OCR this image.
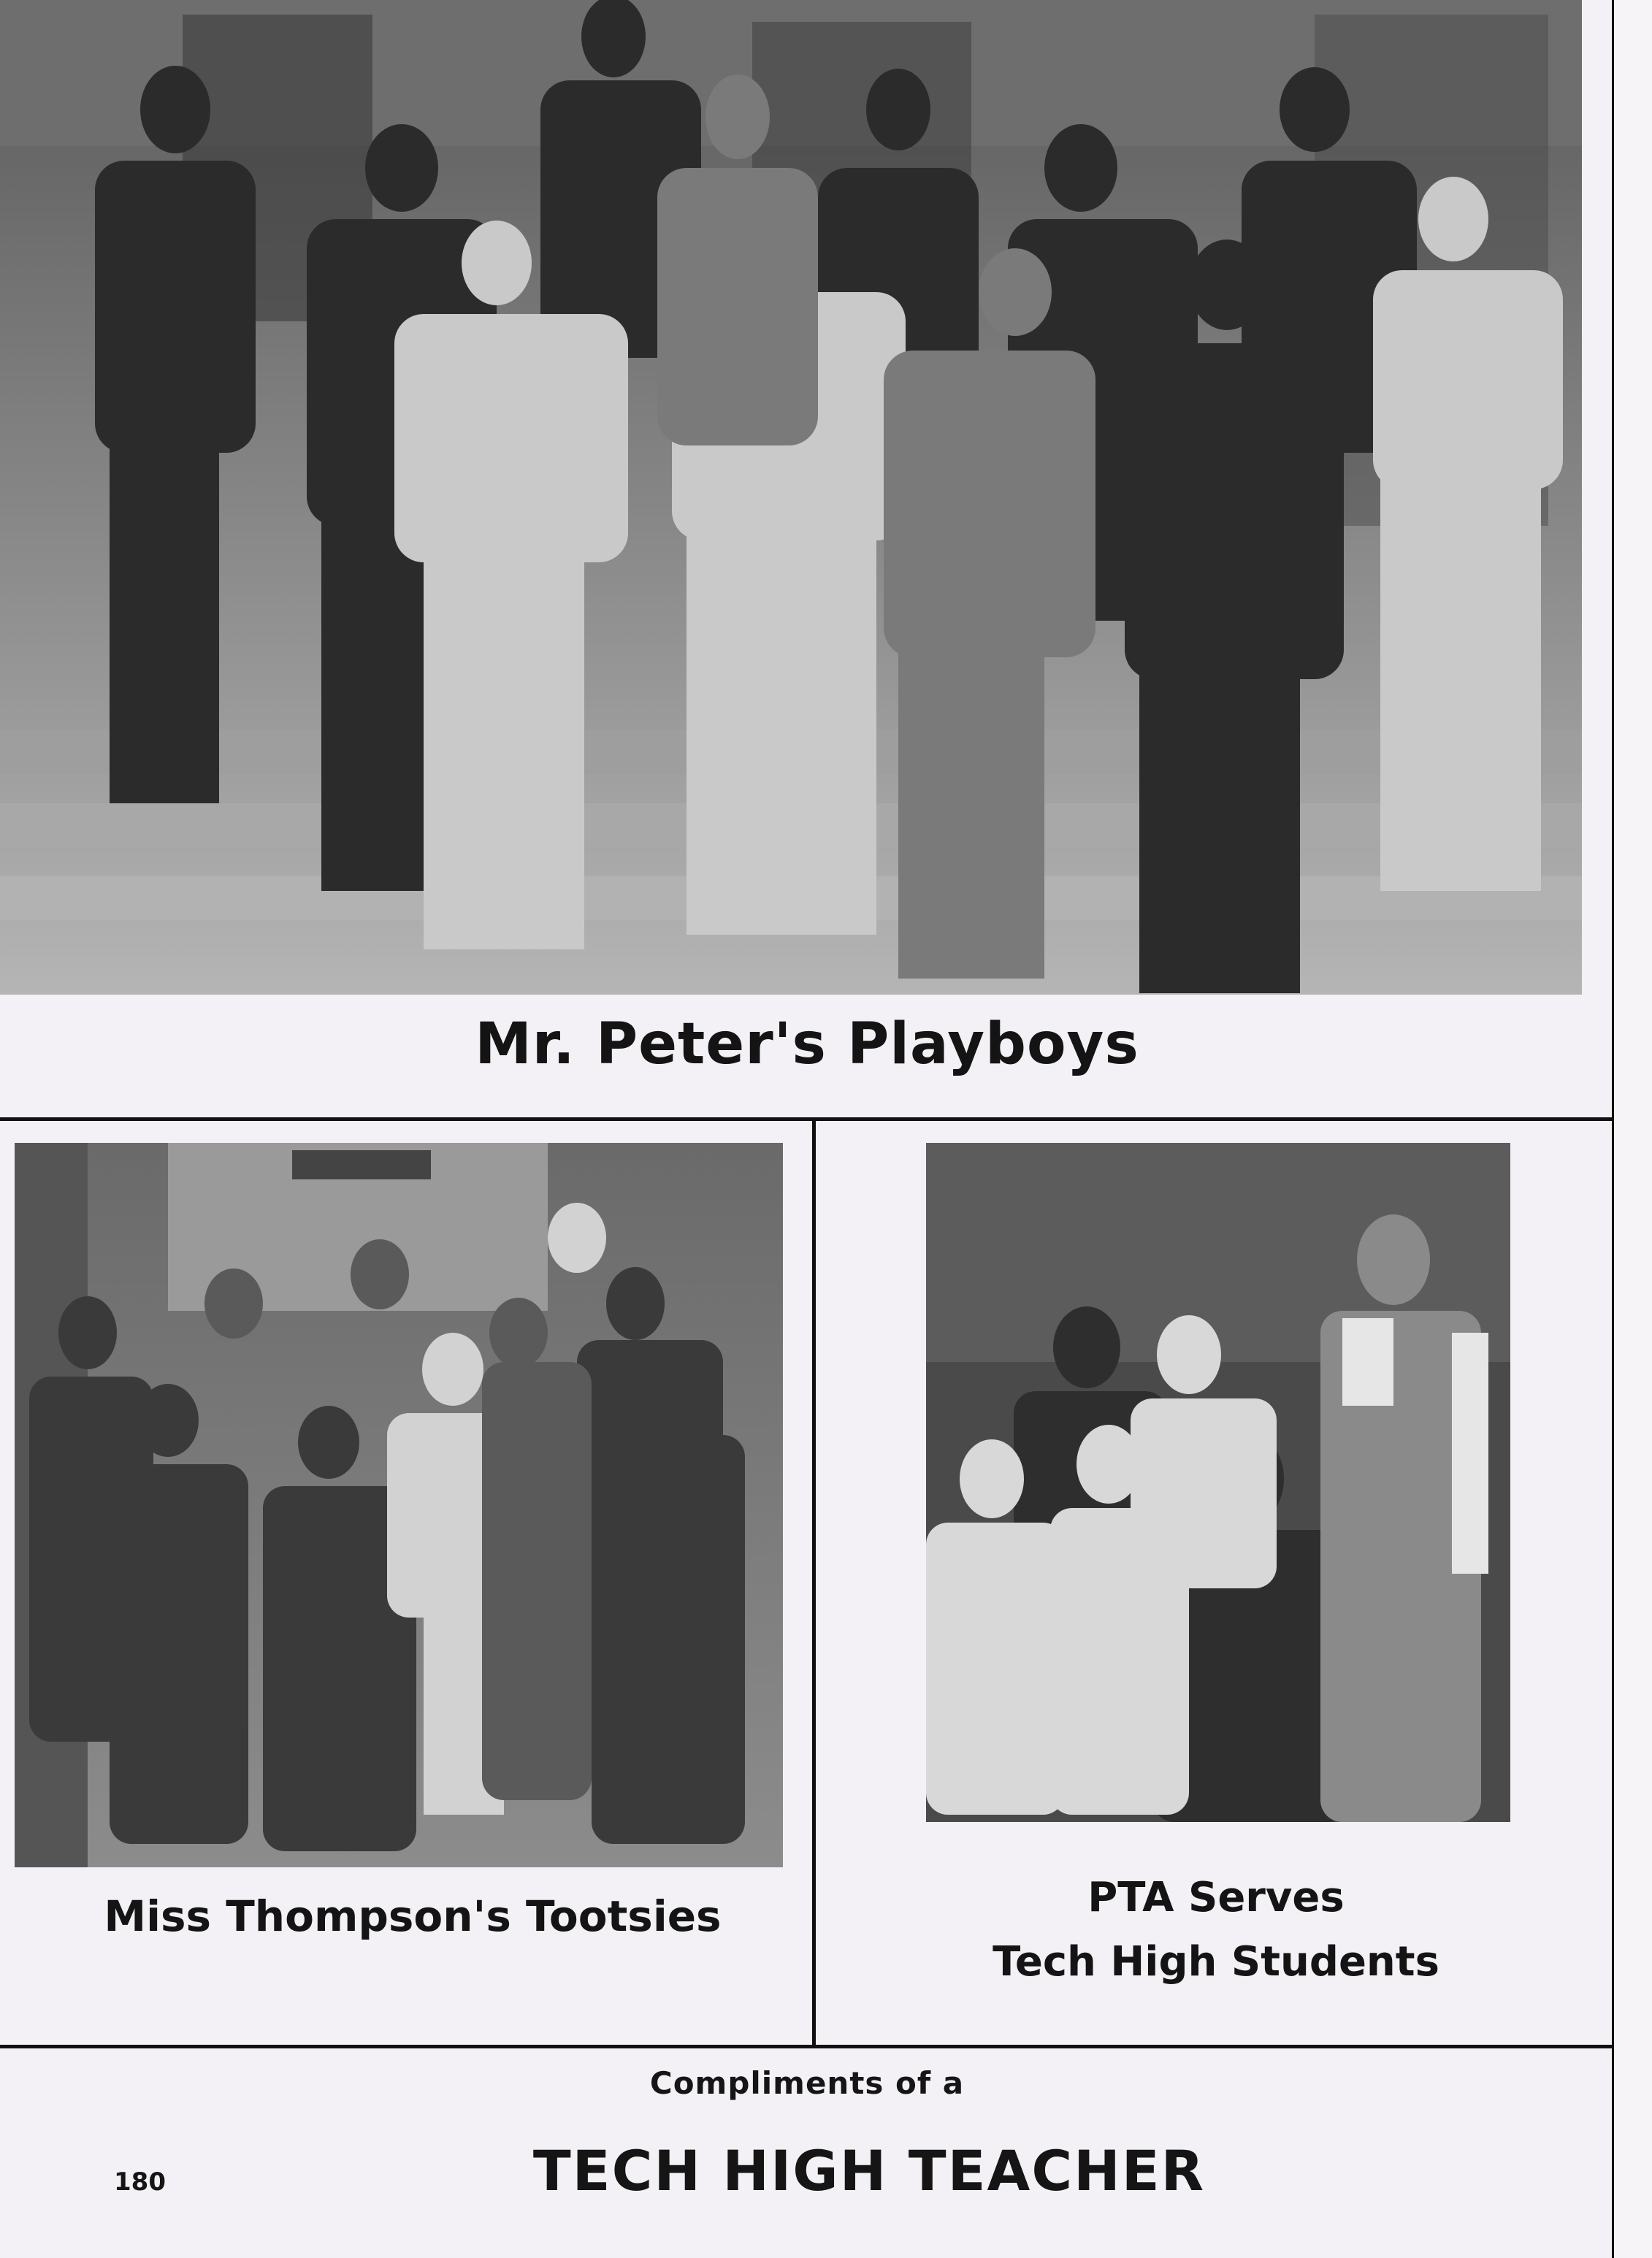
Mr. Peter's Playboys
Miss Thompson's Tootsies	PTA Serves
Tech High Students
Compliments of a
TECH HIGH TEACHER
180
